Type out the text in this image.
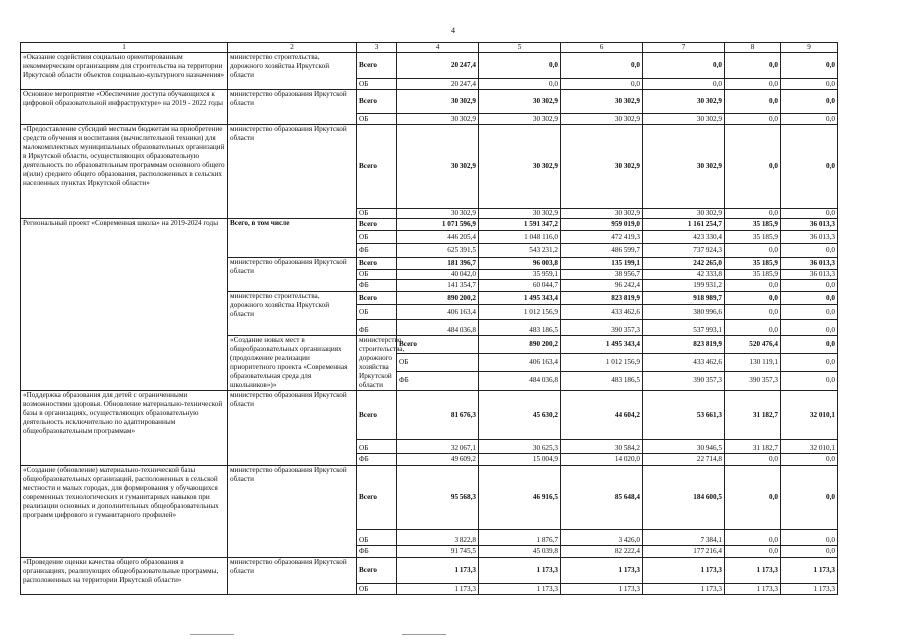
4
1	2	3	4	5	6	7	8	9	
«Оказание содействия социально ориентированным некоммерческим организациям для строительства на территории Иркутской области объектов социально-культурного назначения»	министерство строительства, дорожного хозяйства Иркутской области	Всего	20 247,4	0,0	0,0	0,0	0,0	0,0	
		ОБ	20 247,4	0,0	0,0	0,0	0,0	0,0	
Основное мероприятие «Обеспечение доступа обучающихся к цифровой образовательной инфраструктуре» на 2019 - 2022 годы	министерство образования Иркутской области	Всего	30 302,9	30 302,9	30 302,9	30 302,9	0,0	0,0	
		ОБ	30 302,9	30 302,9	30 302,9	30 302,9	0,0	0,0	
«Предоставление субсидий местным бюджетам на приобретение средств обучения и воспитания (вычислительной техники) для малокомплектных муниципальных образовательных организаций в Иркутской области, осуществляющих образовательную деятельность по образовательным программам основного общего и(или) среднего общего образования, расположенных в сельских населенных пунктах Иркутской области»	министерство образования Иркутской области	Всего	30 302,9	30 302,9	30 302,9	30 302,9	0,0	0,0	
		ОБ	30 302,9	30 302,9	30 302,9	30 302,9	0,0	0,0	
Региональный проект «Современная школа» на 2019-2024 годы	Всего, в том числе	Всего	1 071 596,9	1 591 347,2	959 019,0	1 161 254,7	35 185,9	36 013,3	
		ОБ	446 205,4	1 048 116,0	472 419,3	423 330,4	35 185,9	36 013,3	
		ФБ	625 391,5	543 231,2	486 599,7	737 924,3	0,0	0,0	
	министерство образования Иркутской области	Всего	181 396,7	96 003,8	135 199,1	242 265,0	35 185,9	36 013,3	
		ОБ	40 042,0	35 959,1	38 956,7	42 333,8	35 185,9	36 013,3	
		ФБ	141 354,7	60 044,7	96 242,4	199 931,2	0,0	0,0	
	министерство строительства, дорожного хозяйства Иркутской области	Всего	890 200,2	1 495 343,4	823 819,9	918 989,7	0,0	0,0	
		ОБ	406 163,4	1 012 156,9	433 462,6	380 996,6	0,0	0,0	
		ФБ	484 036,8	483 186,5	390 357,3	537 993,1	0,0	0,0	
	«Создание новых мест в общеобразовательных организациях (продолжение реализации приоритетного проекта «Современная образовательная среда для школьников»)»	министерство строительства, дорожного хозяйства Иркутской области	Всего	890 200,2	1 495 343,4	823 819,9	520 476,4	0,0	
			ОБ	406 163,4	1 012 156,9	433 462,6	130 119,1	0,0	
			ФБ	484 036,8	483 186,5	390 357,3	390 357,3	0,0	
«Поддержка образования для детей с ограниченными возможностями здоровья. Обновление материально-технической базы в организациях, осуществляющих образовательную деятельность исключительно по адаптированным общеобразовательным программам»	министерство образования Иркутской области	Всего	81 676,3	45 630,2	44 604,2	53 661,3	31 182,7	32 010,1	
		ОБ	32 067,1	30 625,3	30 584,2	30 946,5	31 182,7	32 010,1	
		ФБ	49 609,2	15 004,9	14 020,0	22 714,8	0,0	0,0	
«Создание (обновление) материально-технической базы общеобразовательных организаций, расположенных в сельской местности и малых городах, для формирования у обучающихся современных технологических и гуманитарных навыков при реализации основных и дополнительных общеобразовательных программ цифрового и гуманитарного профилей»	министерство образования Иркутской области	Всего	95 568,3	46 916,5	85 648,4	184 600,5	0,0	0,0	
		ОБ	3 822,8	1 876,7	3 426,0	7 384,1	0,0	0,0	
		ФБ	91 745,5	45 039,8	82 222,4	177 216,4	0,0	0,0	
«Проведение оценки качества общего образования в организациях, реализующих общеобразовательные программы, расположенных на территории Иркутской области»	министерство образования Иркутской области	Всего	1 173,3	1 173,3	1 173,3	1 173,3	1 173,3	1 173,3	
		ОБ	1 173,3	1 173,3	1 173,3	1 173,3	1 173,3	1 173,3	
